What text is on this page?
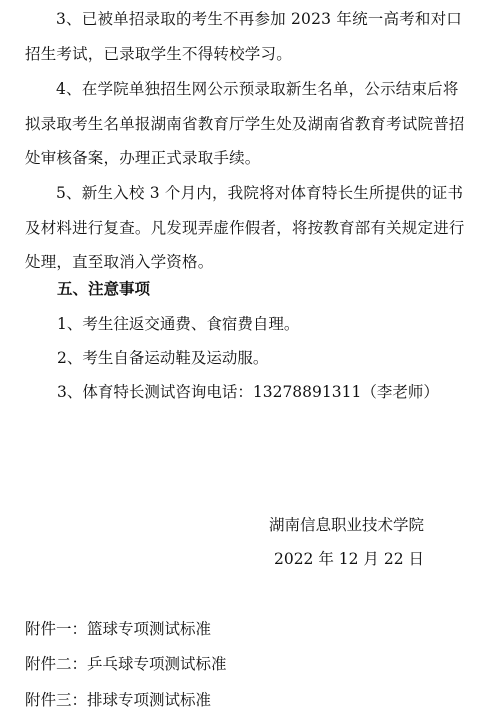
3、已被单招录取的考生不再参加 2023 年统一高考和对口招生考试，已录取学生不得转校学习。

4、在学院单独招生网公示预录取新生名单，公示结束后将拟录取考生名单报湖南省教育厅学生处及湖南省教育考试院普招处审核备案，办理正式录取手续。

5、新生入校 3 个月内，我院将对体育特长生所提供的证书及材料进行复查。凡发现弄虚作假者，将按教育部有关规定进行处理，直至取消入学资格。

五、注意事项

1、考生往返交通费、食宿费自理。

2、考生自备运动鞋及运动服。

3、体育特长测试咨询电话：13278891311（李老师）

湖南信息职业技术学院
2022 年 12 月 22 日
附件一：篮球专项测试标准
附件二：乒乓球专项测试标准
附件三：排球专项测试标准
